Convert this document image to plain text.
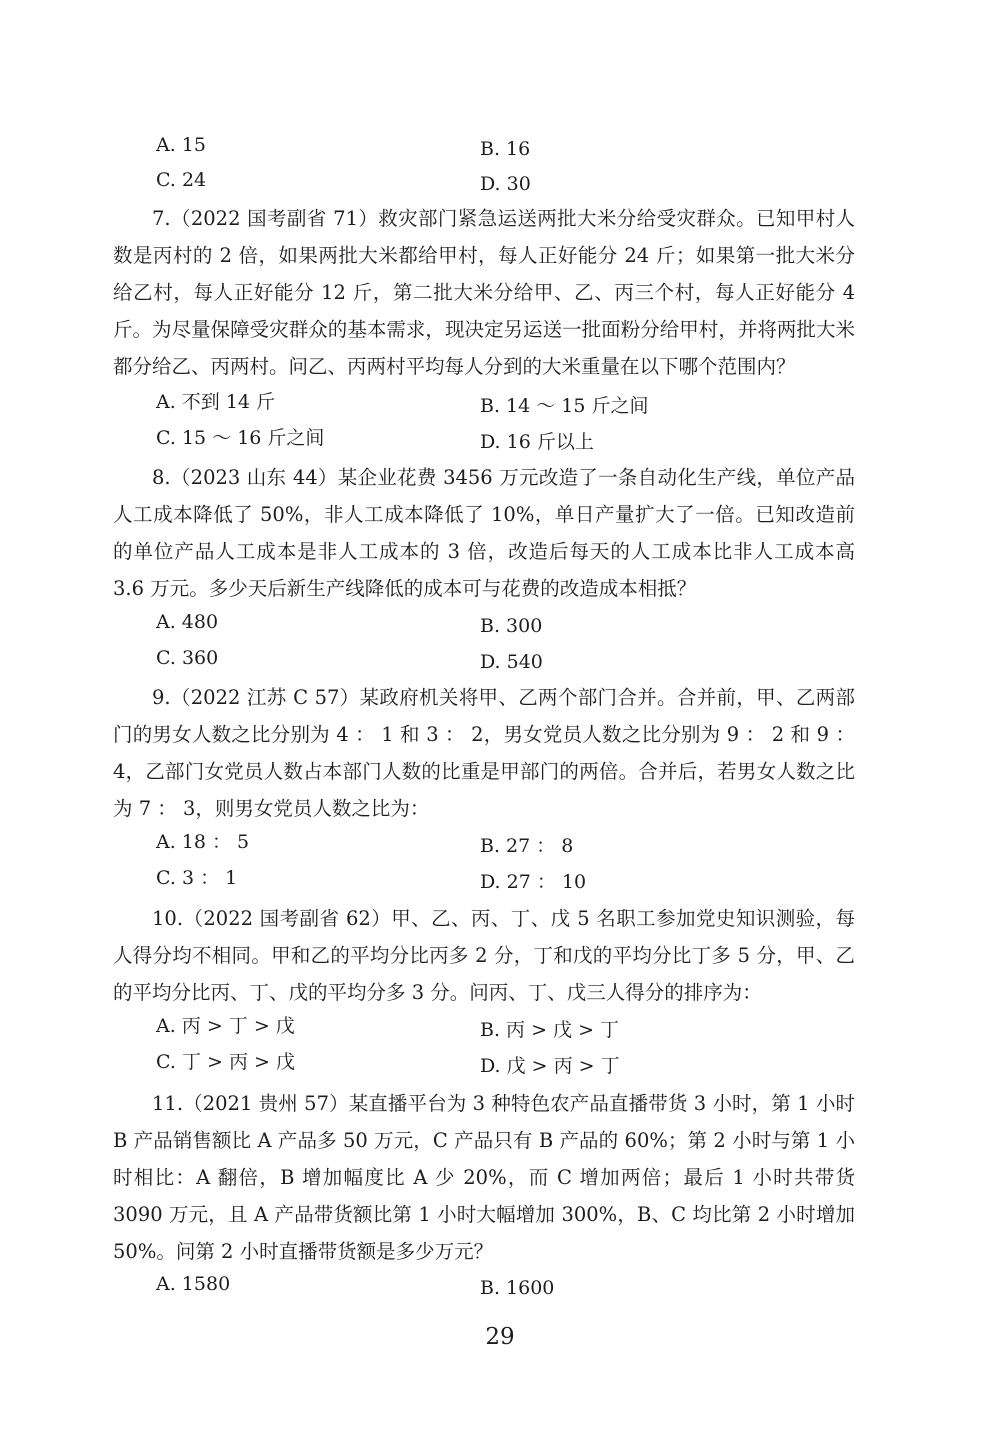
A. 15	B. 16
C. 24	D. 30

7.（2022 国考副省 71）救灾部门紧急运送两批大米分给受灾群众。已知甲村人数是丙村的 2 倍，如果两批大米都给甲村，每人正好能分 24 斤；如果第一批大米分给乙村，每人正好能分 12 斤，第二批大米分给甲、乙、丙三个村，每人正好能分 4 斤。为尽量保障受灾群众的基本需求，现决定另运送一批面粉分给甲村，并将两批大米都分给乙、丙两村。问乙、丙两村平均每人分到的大米重量在以下哪个范围内？

A. 不到 14 斤	B. 14 ～ 15 斤之间
C. 15 ～ 16 斤之间	D. 16 斤以上

8.（2023 山东 44）某企业花费 3456 万元改造了一条自动化生产线，单位产品人工成本降低了 50%，非人工成本降低了 10%，单日产量扩大了一倍。已知改造前的单位产品人工成本是非人工成本的 3 倍，改造后每天的人工成本比非人工成本高 3.6 万元。多少天后新生产线降低的成本可与花费的改造成本相抵？

A. 480	B. 300
C. 360	D. 540

9.（2022 江苏 C 57）某政府机关将甲、乙两个部门合并。合并前，甲、乙两部门的男女人数之比分别为 4 ： 1 和 3 ： 2，男女党员人数之比分别为 9 ： 2 和 9 ： 4，乙部门女党员人数占本部门人数的比重是甲部门的两倍。合并后，若男女人数之比为 7 ： 3，则男女党员人数之比为：

A. 18 ： 5	B. 27 ： 8
C. 3 ： 1	D. 27 ： 10

10.（2022 国考副省 62）甲、乙、丙、丁、戊 5 名职工参加党史知识测验，每人得分均不相同。甲和乙的平均分比丙多 2 分，丁和戊的平均分比丁多 5 分，甲、乙的平均分比丙、丁、戊的平均分多 3 分。问丙、丁、戊三人得分的排序为：

A. 丙 > 丁 > 戊	B. 丙 > 戊 > 丁
C. 丁 > 丙 > 戊	D. 戊 > 丙 > 丁

11.（2021 贵州 57）某直播平台为 3 种特色农产品直播带货 3 小时，第 1 小时 B 产品销售额比 A 产品多 50 万元，C 产品只有 B 产品的 60%；第 2 小时与第 1 小时相比：A 翻倍，B 增加幅度比 A 少 20%，而 C 增加两倍；最后 1 小时共带货 3090 万元，且 A 产品带货额比第 1 小时大幅增加 300%，B、C 均比第 2 小时增加 50%。问第 2 小时直播带货额是多少万元？

A. 1580	B. 1600
29
